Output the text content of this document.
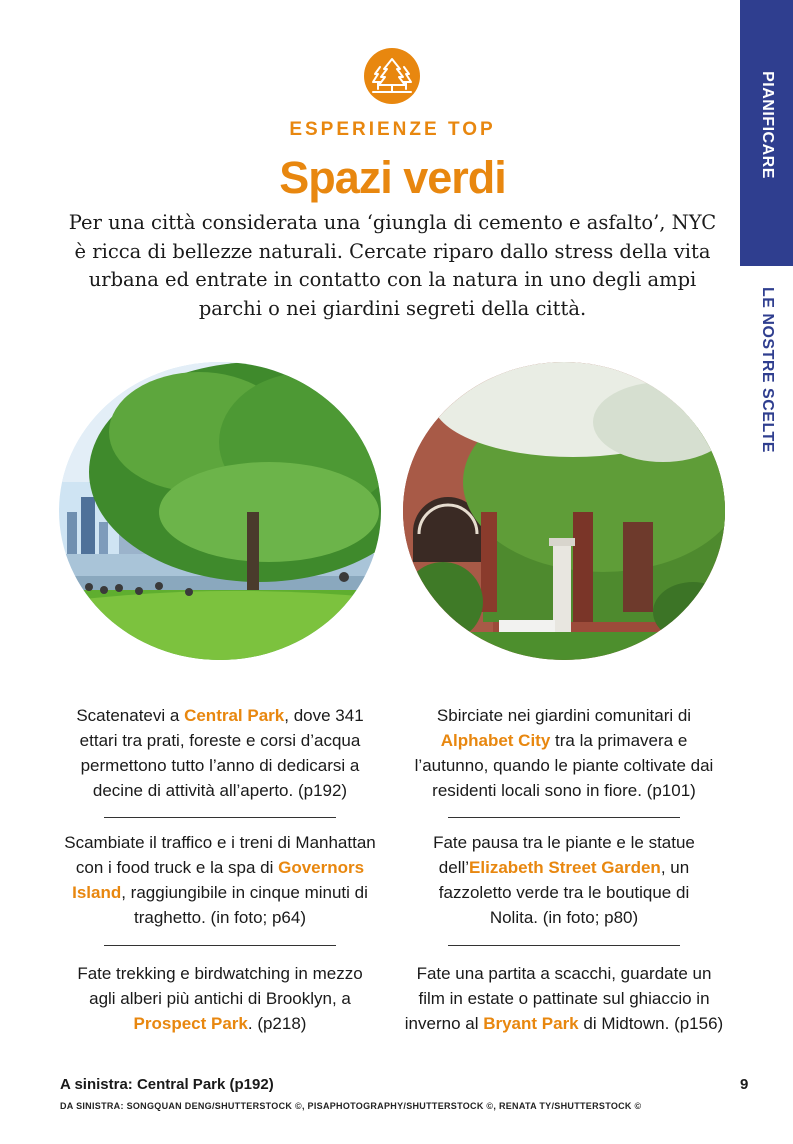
PIANIFICARE
LE NOSTRE SCELTE
ESPERIENZE TOP
Spazi verdi
Per una città considerata una ‘giungla di cemento e asfalto’, NYC è ricca di bellezze naturali. Cercate riparo dallo stress della vita urbana ed entrate in contatto con la natura in uno degli ampi parchi o nei giardini segreti della città.
Scatenatevi a Central Park, dove 341 ettari tra prati, foreste e corsi d’acqua permettono tutto l’anno di dedicarsi a decine di attività all’aperto. (p192)
Sbirciate nei giardini comunitari di Alphabet City tra la primavera e l’autunno, quando le piante coltivate dai residenti locali sono in fiore. (p101)
Scambiate il traffico e i treni di Manhattan con i food truck e la spa di Governors Island, raggiungibile in cinque minuti di traghetto. (in foto; p64)
Fate pausa tra le piante e le statue dell’Elizabeth Street Garden, un fazzoletto verde tra le boutique di Nolita. (in foto; p80)
Fate trekking e birdwatching in mezzo agli alberi più antichi di Brooklyn, a Prospect Park. (p218)
Fate una partita a scacchi, guardate un film in estate o pattinate sul ghiaccio in inverno al Bryant Park di Midtown. (p156)
A sinistra: Central Park (p192)	9
DA SINISTRA: SONGQUAN DENG/SHUTTERSTOCK ©, PISAPHOTOGRAPHY/SHUTTERSTOCK ©, RENATA TY/SHUTTERSTOCK ©
